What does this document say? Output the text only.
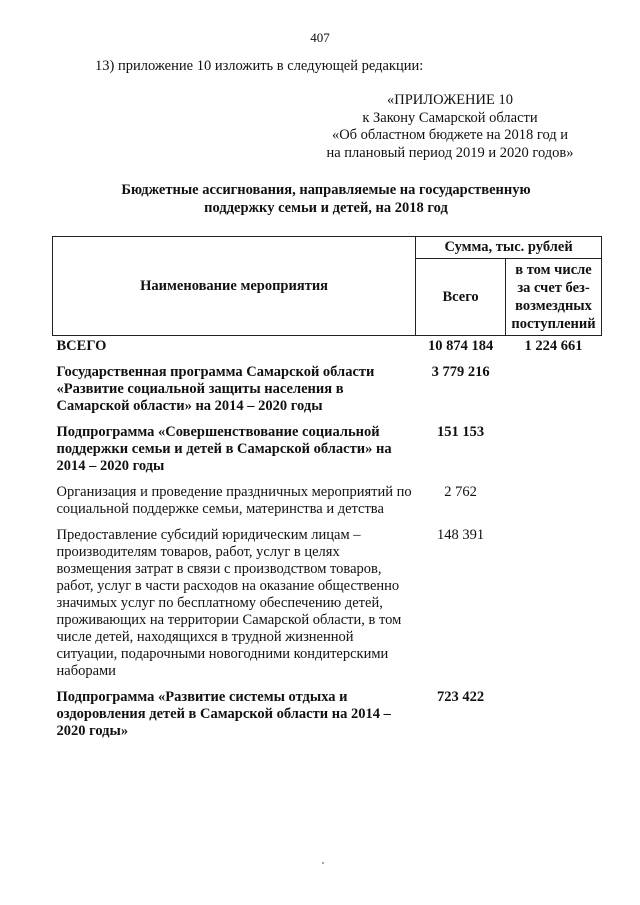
407
13) приложение 10 изложить в следующей редакции:
«ПРИЛОЖЕНИЕ 10
к Закону Самарской области
«Об областном бюджете на 2018 год и
на плановый период 2019 и 2020 годов»
Бюджетные ассигнования, направляемые на государственную
поддержку семьи и детей, на 2018 год
Наименование мероприятия	Сумма, тыс. рублей	
	Всего	в том числе
за счет без-
возмездных
поступлений

ВСЕГО	10 874 184	1 224 661
Государственная программа Самарской области «Развитие социальной защиты населения в Самарской области» на 2014 – 2020 годы	3 779 216	
Подпрограмма «Совершенствование социальной поддержки семьи и детей в Самарской области» на 2014 – 2020 годы	151 153	
Организация и проведение праздничных мероприятий по социальной поддержке семьи, материнства и детства	2 762	
Предоставление субсидий юридическим лицам – производителям товаров, работ, услуг в целях возмещения затрат в связи с производством товаров, работ, услуг в части расходов на оказание общественно значимых услуг по бесплатному обеспечению детей, проживающих на территории Самарской области, в том числе детей, находящихся в трудной жизненной ситуации, подарочными новогодними кондитерскими наборами	148 391	
Подпрограмма «Развитие системы отдыха и оздоровления детей в Самарской области на 2014 – 2020 годы»	723 422	
